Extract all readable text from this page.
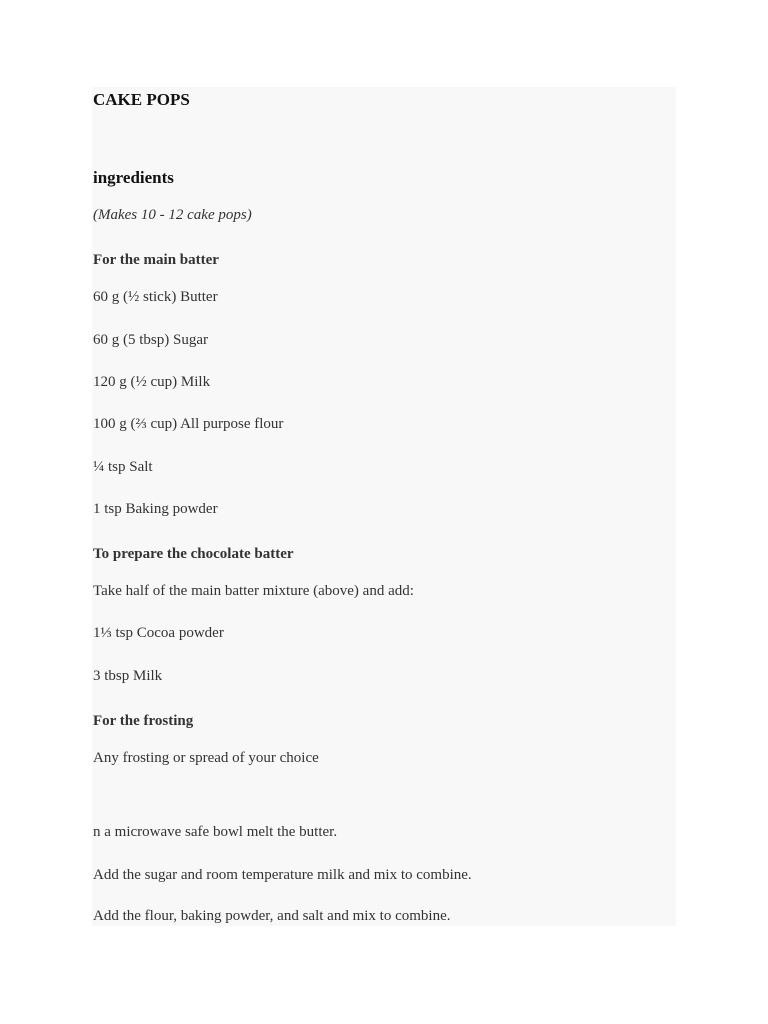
CAKE POPS
ingredients
(Makes 10 - 12 cake pops)
For the main batter
60 g (½ stick) Butter
60 g (5 tbsp) Sugar
120 g (½ cup) Milk
100 g (⅔ cup) All purpose flour
¼ tsp Salt
1 tsp Baking powder
To prepare the chocolate batter
Take half of the main batter mixture (above) and add:
1⅓ tsp Cocoa powder
3 tbsp Milk
For the frosting
Any frosting or spread of your choice
n a microwave safe bowl melt the butter.
Add the sugar and room temperature milk and mix to combine.
Add the flour, baking powder, and salt and mix to combine.
